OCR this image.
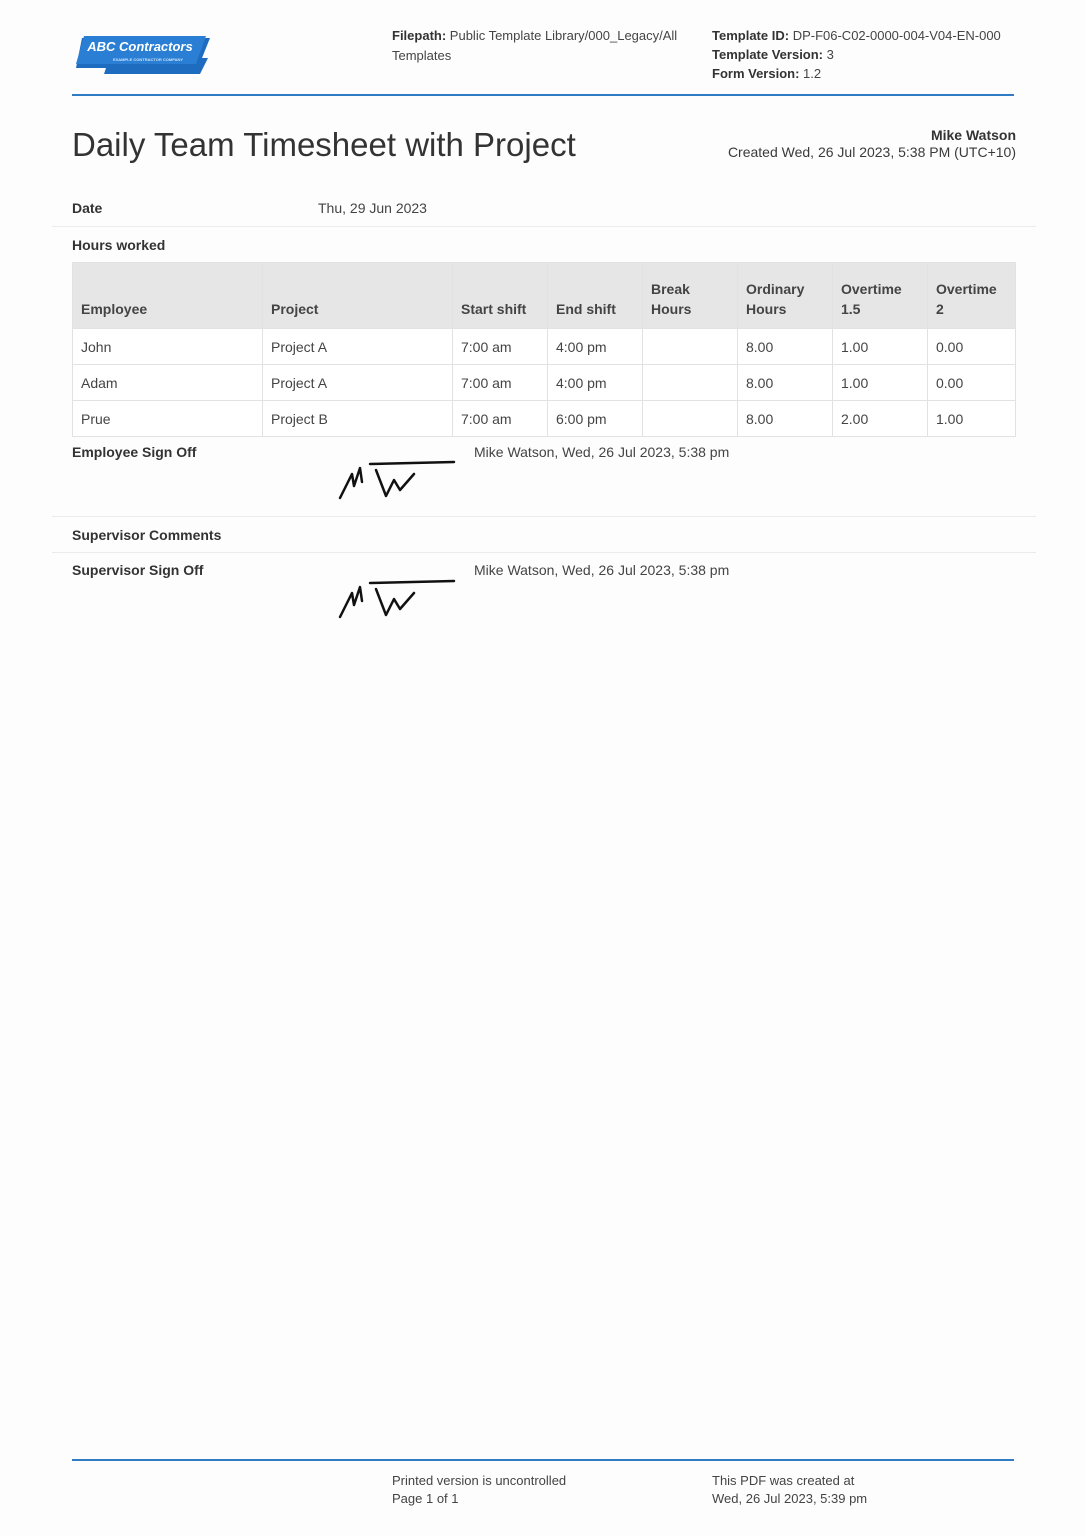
ABC Contractors
EXAMPLE CONTRACTOR COMPANY
Filepath: Public Template Library/000_Legacy/All Templates
Template ID: DP-F06-C02-0000-004-V04-EN-000
Template Version: 3
Form Version: 1.2
Daily Team Timesheet with Project	Mike Watson
Created Wed, 26 Jul 2023, 5:38 PM (UTC+10)
Date	Thu, 29 Jun 2023
Hours worked
Employee	Project	Start shift	End shift	Break Hours	Ordinary Hours	Overtime 1.5	Overtime 2
John	Project A	7:00 am	4:00 pm		8.00	1.00	0.00
Adam	Project A	7:00 am	4:00 pm		8.00	1.00	0.00
Prue	Project B	7:00 am	6:00 pm		8.00	2.00	1.00
Employee Sign Off	Mike Watson, Wed, 26 Jul 2023, 5:38 pm
Supervisor Comments
Supervisor Sign Off	Mike Watson, Wed, 26 Jul 2023, 5:38 pm
Printed version is uncontrolled
Page 1 of 1
This PDF was created at
Wed, 26 Jul 2023, 5:39 pm
